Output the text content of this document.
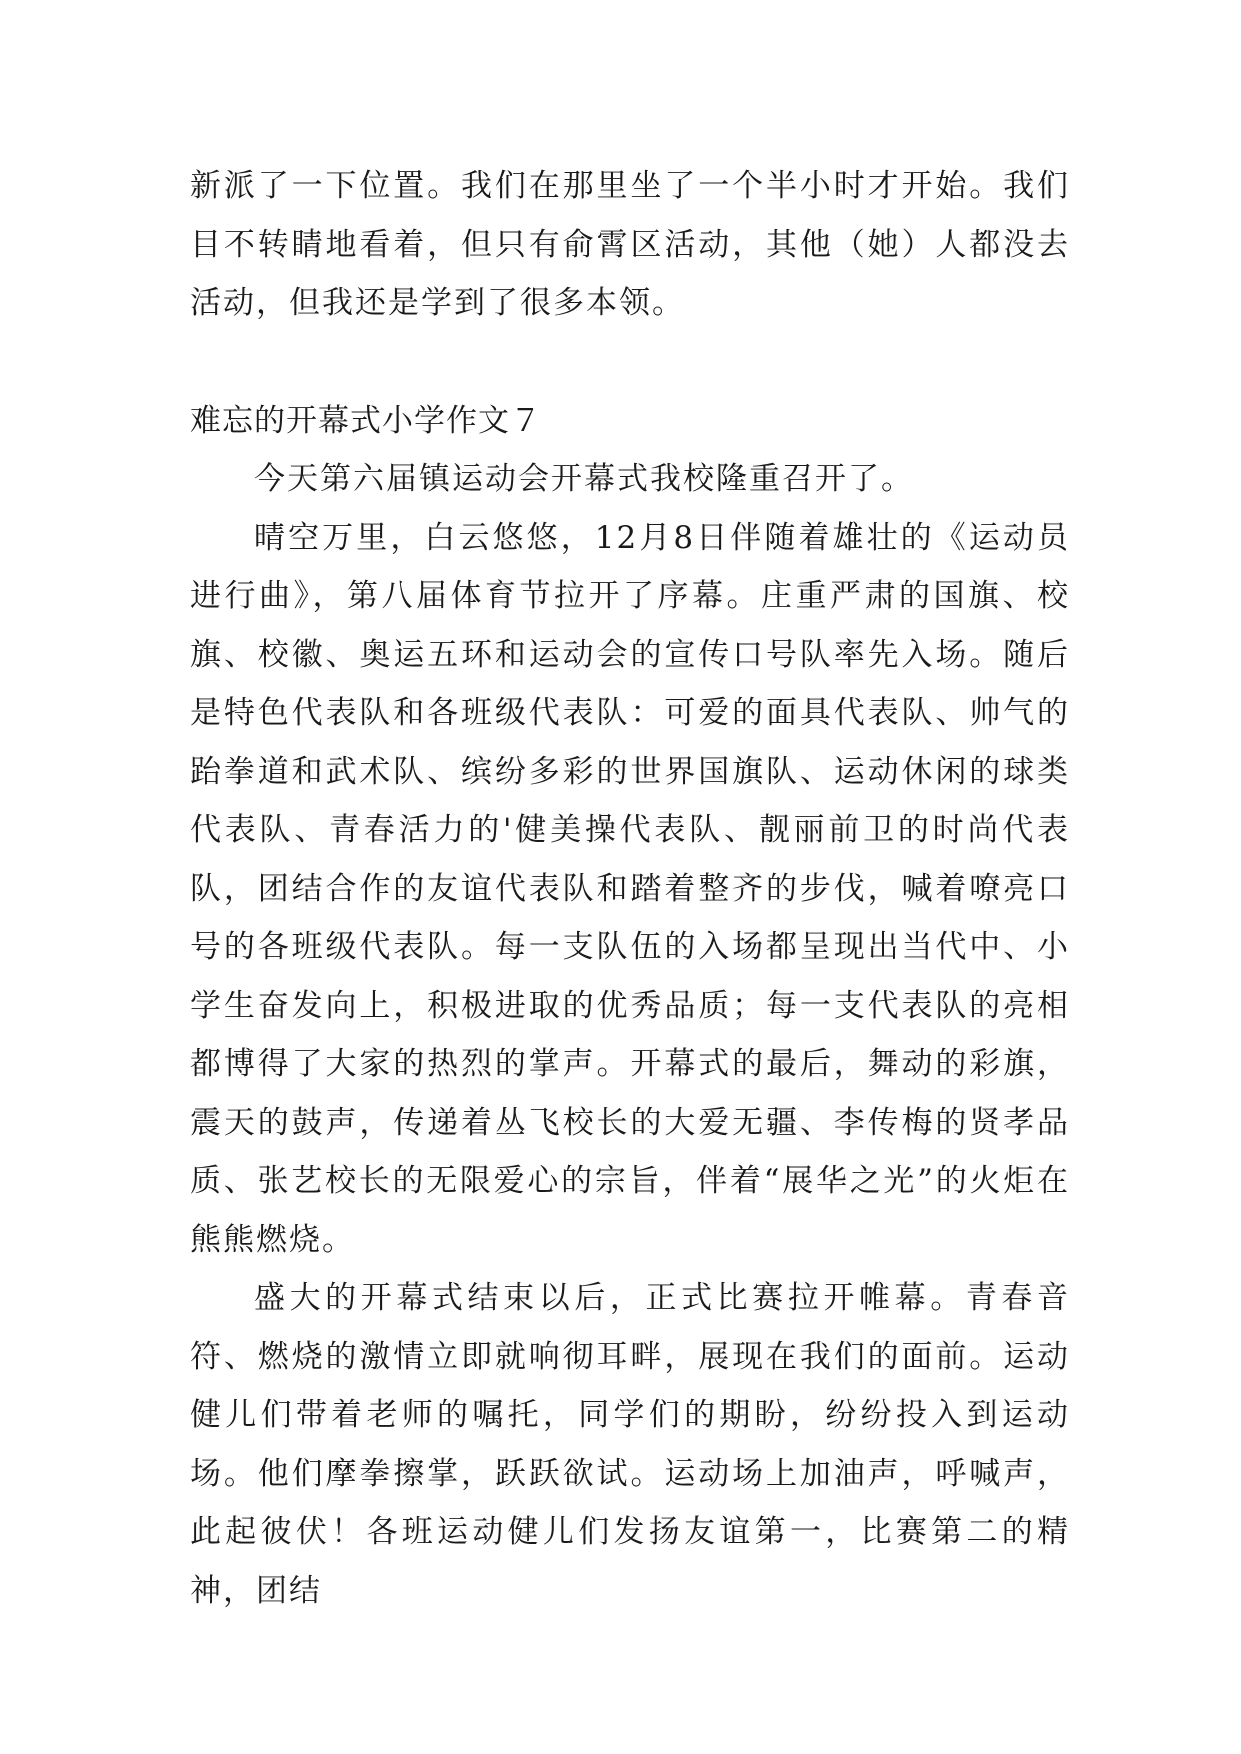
新派了一下位置。我们在那里坐了一个半小时才开始。我们目不转睛地看着，但只有俞霄区活动，其他（她）人都没去活动，但我还是学到了很多本领。

难忘的开幕式小学作文７

今天第六届镇运动会开幕式我校隆重召开了。

晴空万里，白云悠悠，12月8日伴随着雄壮的《运动员进行曲》，第八届体育节拉开了序幕。庄重严肃的国旗、校旗、校徽、奥运五环和运动会的宣传口号队率先入场。随后是特色代表队和各班级代表队：可爱的面具代表队、帅气的跆拳道和武术队、缤纷多彩的世界国旗队、运动休闲的球类代表队、青春活力的'健美操代表队、靓丽前卫的时尚代表队，团结合作的友谊代表队和踏着整齐的步伐，喊着嘹亮口号的各班级代表队。每一支队伍的入场都呈现出当代中、小学生奋发向上，积极进取的优秀品质；每一支代表队的亮相都博得了大家的热烈的掌声。开幕式的最后，舞动的彩旗，震天的鼓声，传递着丛飞校长的大爱无疆、李传梅的贤孝品质、张艺校长的无限爱心的宗旨，伴着“展华之光”的火炬在熊熊燃烧。

盛大的开幕式结束以后，正式比赛拉开帷幕。青春音符、燃烧的激情立即就响彻耳畔，展现在我们的面前。运动健儿们带着老师的嘱托，同学们的期盼，纷纷投入到运动场。他们摩拳擦掌，跃跃欲试。运动场上加油声，呼喊声，此起彼伏！各班运动健儿们发扬友谊第一，比赛第二的精神，团结
